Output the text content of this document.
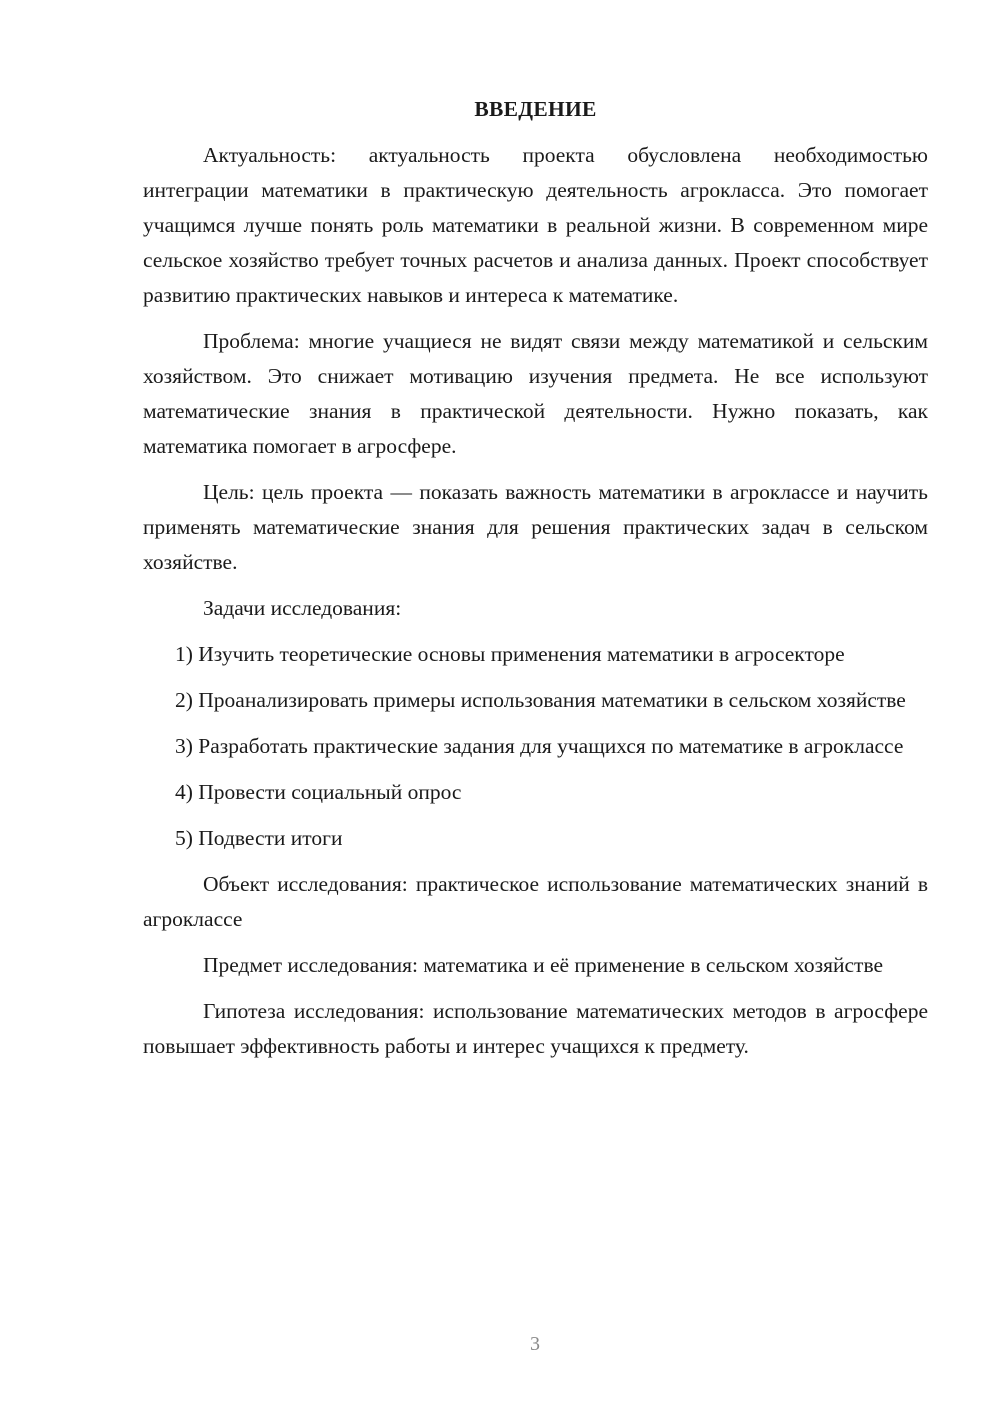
ВВЕДЕНИЕ

Актуальность: актуальность проекта обусловлена необходимостью интеграции математики в практическую деятельность агрокласса. Это помогает учащимся лучше понять роль математики в реальной жизни. В современном мире сельское хозяйство требует точных расчетов и анализа данных. Проект способствует развитию практических навыков и интереса к математике.

Проблема: многие учащиеся не видят связи между математикой и сельским хозяйством. Это снижает мотивацию изучения предмета. Не все используют математические знания в практической деятельности. Нужно показать, как математика помогает в агросфере.

Цель: цель проекта — показать важность математики в агроклассе и научить применять математические знания для решения практических задач в сельском хозяйстве.

Задачи исследования:

1) Изучить теоретические основы применения математики в агросекторе

2) Проанализировать примеры использования математики в сельском хозяйстве

3) Разработать практические задания для учащихся по математике в агроклассе

4) Провести социальный опрос

5) Подвести итоги

Объект исследования: практическое использование математических знаний в агроклассе

Предмет исследования: математика и её применение в сельском хозяйстве

Гипотеза исследования: использование математических методов в агросфере повышает эффективность работы и интерес учащихся к предмету.

3
